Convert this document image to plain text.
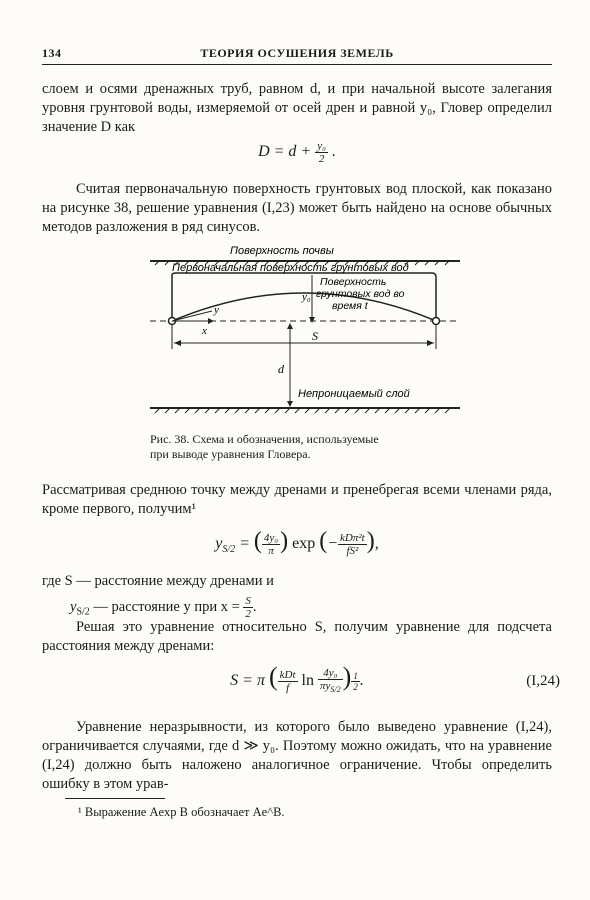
134	ТЕОРИЯ ОСУШЕНИЯ ЗЕМЕЛЬ
слоем и осями дренажных труб, равном d, и при начальной высоте залегания уровня грунтовой воды, измеряемой от осей дрен и равной y₀, Гловер определил значение D как
$D = d + \frac{\text{y₀}}{2}$ .
Считая первоначальную поверхность грунтовых вод плоской, как показано на рисунке 38, решение уравнения (I,23) может быть найдено на основе обычных методов разложения в ряд синусов.
Поверхность почвы
Первоначальная поверхность грунтовых вод
y₀
Поверхность
грунтовых вод во
время t
x
y
S
d
Непроницаемый слой
Рис. 38. Схема и обозначения, используемые
при выводе уравнения Гловера.
Рассматривая среднюю точку между дренами и пренебрегая всеми членами ряда, кроме первого, получим¹
$y_{S/2}$ = ( $\frac{\text{4y₀}}{\pi}$ ) exp (− $\frac{\text{kDπ²t}}{\text{fS²}}$ ),
где S — расстояние между дренами и
$y_{S/2}$ — расстояние y при $x = \frac{S}{2}$ .
Решая это уравнение относительно S, получим уравнение для подсчета расстояния между дренами:
S = π ( $\frac{\text{kDt}}{f}$ $\ln \frac{\text{4y₀}}{\pi y_{S/2}}$ ) $\frac{1}{2}$ .	(I,24)
Уравнение неразрывности, из которого было выведено уравнение (I,24), ограничивается случаями, где d ≫ y₀. Поэтому можно ожидать, что на уравнение (I,24) должно быть наложено аналогичное ограничение. Чтобы определить ошибку в этом урав-
¹ Выражение Aexp B обозначает Ae^B.
